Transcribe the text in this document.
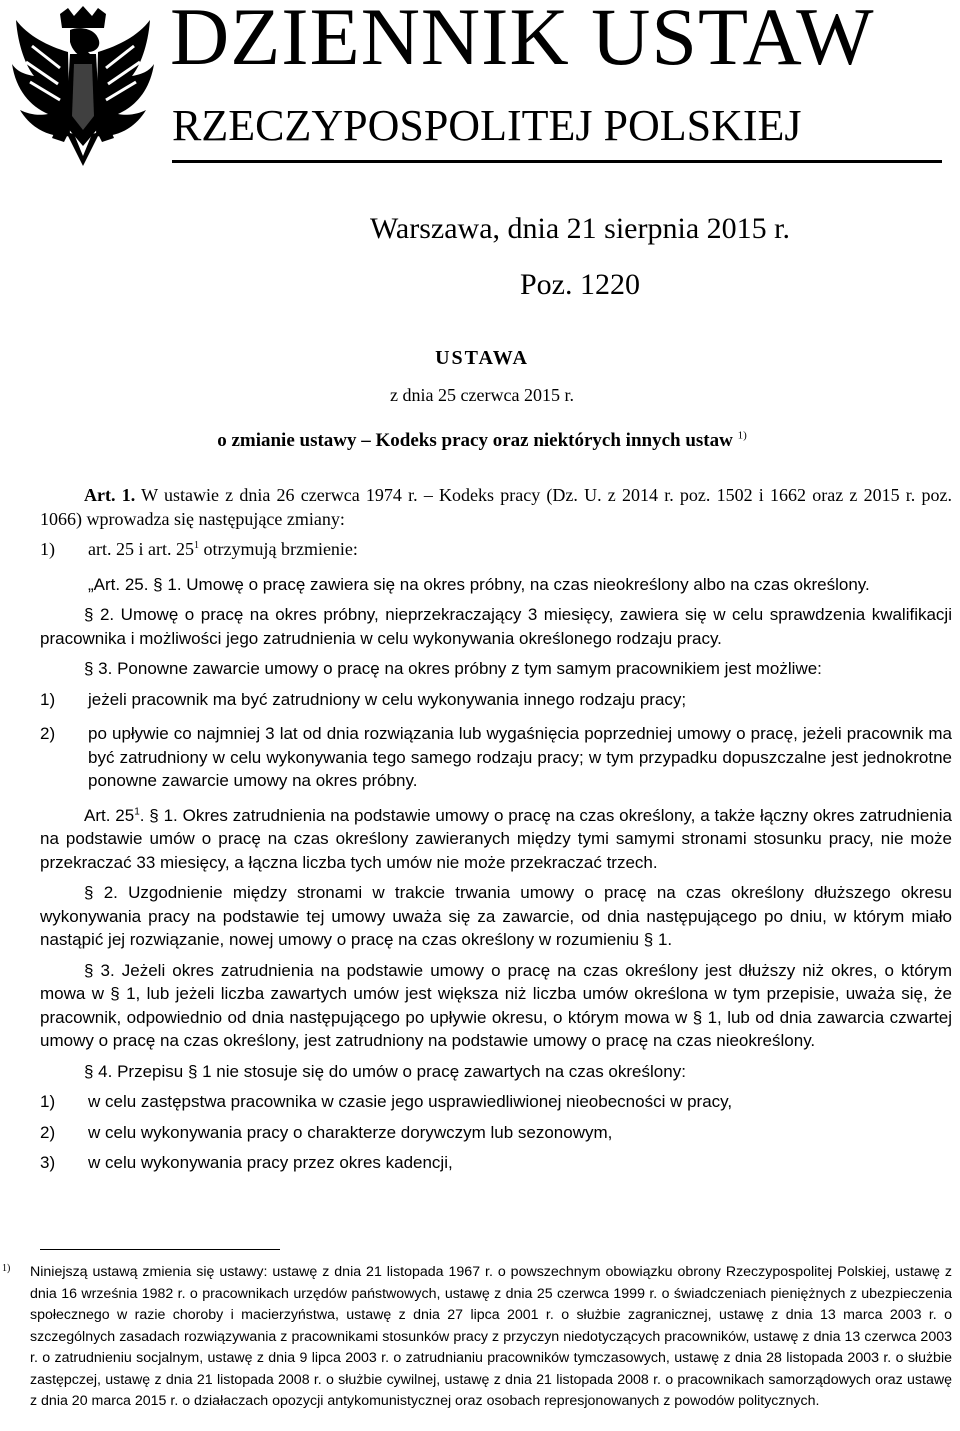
DZIENNIK USTAW
RZECZYPOSPOLITEJ POLSKIEJ
Warszawa, dnia 21 sierpnia 2015 r.
Poz. 1220
USTAWA
z dnia 25 czerwca 2015 r.
o zmianie ustawy – Kodeks pracy oraz niektórych innych ustaw $^{1)}$

Art. 1. W ustawie z dnia 26 czerwca 1974 r. – Kodeks pracy (Dz. U. z 2014 r. poz. 1502 i 1662 oraz z 2015 r. poz. 1066) wprowadza się następujące zmiany:

1) art. 25 i art. $25^1$ otrzymują brzmienie:

„Art. 25. § 1. Umowę o pracę zawiera się na okres próbny, na czas nieokreślony albo na czas określony.

§ 2. Umowę o pracę na okres próbny, nieprzekraczający 3 miesięcy, zawiera się w celu sprawdzenia kwalifikacji pracownika i możliwości jego zatrudnienia w celu wykonywania określonego rodzaju pracy.

§ 3. Ponowne zawarcie umowy o pracę na okres próbny z tym samym pracownikiem jest możliwe:

1) jeżeli pracownik ma być zatrudniony w celu wykonywania innego rodzaju pracy;

2) po upływie co najmniej 3 lat od dnia rozwiązania lub wygaśnięcia poprzedniej umowy o pracę, jeżeli pracownik ma być zatrudniony w celu wykonywania tego samego rodzaju pracy; w tym przypadku dopuszczalne jest jednokrotne ponowne zawarcie umowy na okres próbny.

Art. $25^1$. § 1. Okres zatrudnienia na podstawie umowy o pracę na czas określony, a także łączny okres zatrudnienia na podstawie umów o pracę na czas określony zawieranych między tymi samymi stronami stosunku pracy, nie może przekraczać 33 miesięcy, a łączna liczba tych umów nie może przekraczać trzech.

§ 2. Uzgodnienie między stronami w trakcie trwania umowy o pracę na czas określony dłuższego okresu wykonywania pracy na podstawie tej umowy uważa się za zawarcie, od dnia następującego po dniu, w którym miało nastąpić jej rozwiązanie, nowej umowy o pracę na czas określony w rozumieniu § 1.

§ 3. Jeżeli okres zatrudnienia na podstawie umowy o pracę na czas określony jest dłuższy niż okres, o którym mowa w § 1, lub jeżeli liczba zawartych umów jest większa niż liczba umów określona w tym przepisie, uważa się, że pracownik, odpowiednio od dnia następującego po upływie okresu, o którym mowa w § 1, lub od dnia zawarcia czwartej umowy o pracę na czas określony, jest zatrudniony na podstawie umowy o pracę na czas nieokreślony.

§ 4. Przepisu § 1 nie stosuje się do umów o pracę zawartych na czas określony:

1) w celu zastępstwa pracownika w czasie jego usprawiedliwionej nieobecności w pracy,

2) w celu wykonywania pracy o charakterze dorywczym lub sezonowym,

3) w celu wykonywania pracy przez okres kadencji,

1) Niniejszą ustawą zmienia się ustawy: ustawę z dnia 21 listopada 1967 r. o powszechnym obowiązku obrony Rzeczypospolitej Polskiej, ustawę z dnia 16 września 1982 r. o pracownikach urzędów państwowych, ustawę z dnia 25 czerwca 1999 r. o świadczeniach pieniężnych z ubezpieczenia społecznego w razie choroby i macierzyństwa, ustawę z dnia 27 lipca 2001 r. o służbie zagranicznej, ustawę z dnia 13 marca 2003 r. o szczególnych zasadach rozwiązywania z pracownikami stosunków pracy z przyczyn niedotyczących pracowników, ustawę z dnia 13 czerwca 2003 r. o zatrudnieniu socjalnym, ustawę z dnia 9 lipca 2003 r. o zatrudnianiu pracowników tymczasowych, ustawę z dnia 28 listopada 2003 r. o służbie zastępczej, ustawę z dnia 21 listopada 2008 r. o służbie cywilnej, ustawę z dnia 21 listopada 2008 r. o pracownikach samorządowych oraz ustawę z dnia 20 marca 2015 r. o działaczach opozycji antykomunistycznej oraz osobach represjonowanych z powodów politycznych.
